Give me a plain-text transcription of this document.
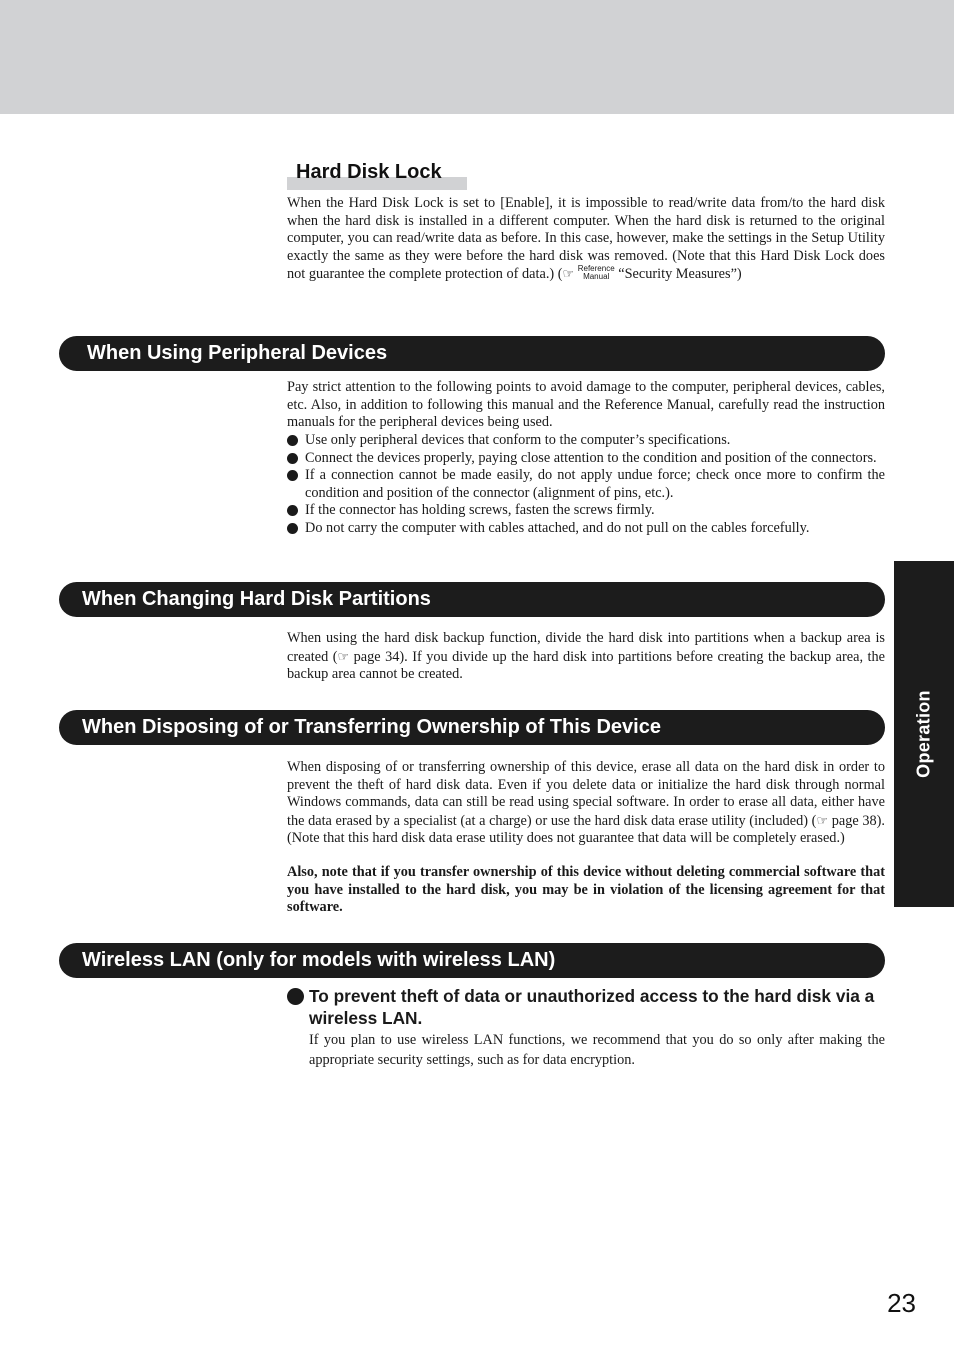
Hard Disk Lock

When the Hard Disk Lock is set to [Enable], it is impossible to read/write data from/to the hard disk when the hard disk is installed in a different computer. When the hard disk is returned to the original computer, you can read/write data as before. In this case, however, make the settings in the Setup Utility exactly the same as they were before the hard disk was removed. (Note that this Hard Disk Lock does not guarantee the complete protection of data.) (☞ Reference
Manual “Security Measures”)

When Using Peripheral Devices

Pay strict attention to the following points to avoid damage to the computer, peripheral devices, cables, etc. Also, in addition to following this manual and the Reference Manual, carefully read the instruction manuals for the peripheral devices being used.

Use only peripheral devices that conform to the computer’s specifications.
Connect the devices properly, paying close attention to the condition and position of the connectors.
If a connection cannot be made easily, do not apply undue force; check once more to confirm the condition and position of the connector (alignment of pins, etc.).
If the connector has holding screws, fasten the screws firmly.
Do not carry the computer with cables attached, and do not pull on the cables forcefully.
When Changing Hard Disk Partitions

When using the hard disk backup function, divide the hard disk into partitions when a backup area is created (☞ page 34). If you divide up the hard disk into partitions before creating the backup area, the backup area cannot be created.

When Disposing of or Transferring Ownership of This Device

When disposing of or transferring ownership of this device, erase all data on the hard disk in order to prevent the theft of hard disk data. Even if you delete data or initialize the hard disk through normal Windows commands, data can still be read using special software. In order to erase all data, either have the data erased by a specialist (at a charge) or use the hard disk data erase utility (included) (☞ page 38). (Note that this hard disk data erase utility does not guarantee that data will be completely erased.)

Also, note that if you transfer ownership of this device without deleting commercial software that you have installed to the hard disk, you may be in violation of the licensing agreement for that software.

Wireless LAN (only for models with wireless LAN)
To prevent theft of data or unauthorized access to the hard disk via a wireless LAN.

If you plan to use wireless LAN functions, we recommend that you do so only after making the appropriate security settings, such as for data encryption.

Operation
23
